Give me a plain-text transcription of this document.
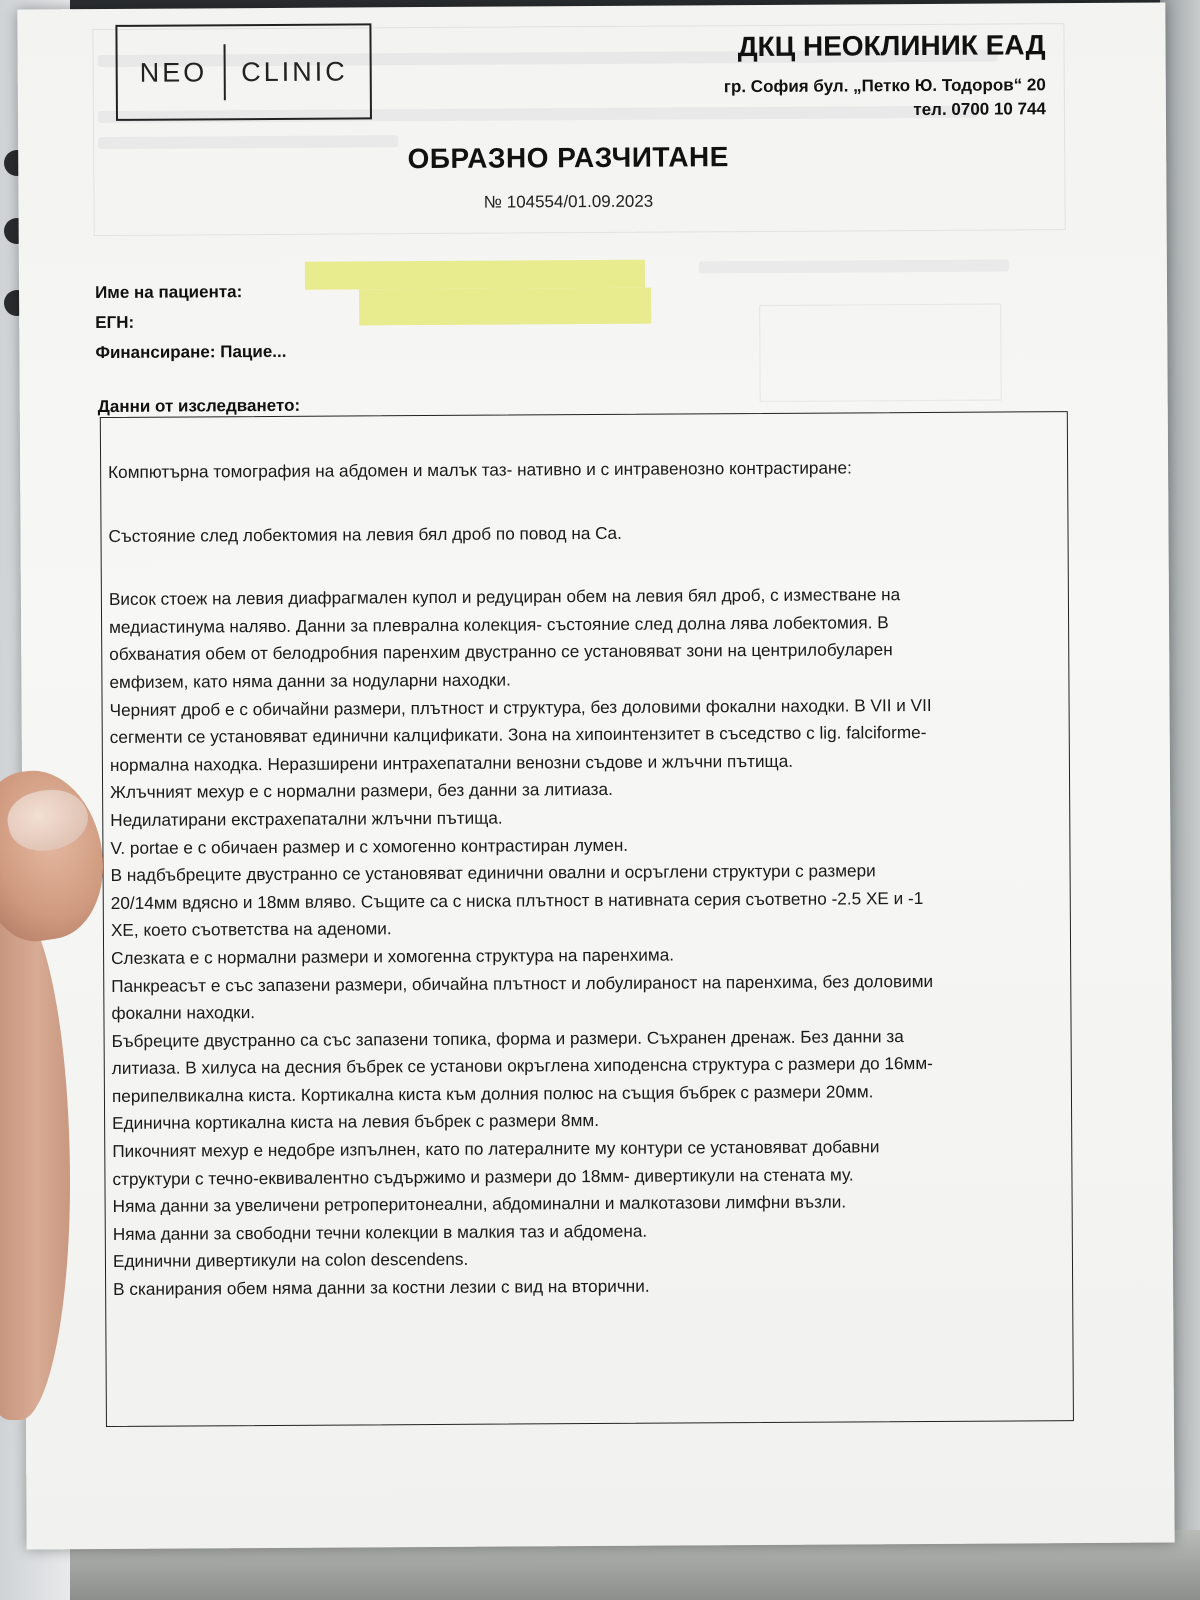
NEO CLINIC
ДКЦ НЕОКЛИНИК ЕАД
гр. София бул. „Петко Ю. Тодоров“ 20
тел. 0700 10 744
ОБРАЗНО РАЗЧИТАНЕ
№ 104554/01.09.2023
Име на пациента:
ЕГН:
Финансиране: Пацие...
Данни от изследването:

Компютърна томография на абдомен и малък таз- нативно и с интравенозно контрастиране:

Състояние след лобектомия на левия бял дроб по повод на Ca.

Висок стоеж на левия диафрагмален купол и редуциран обем на левия бял дроб, с изместване на

медиастинума наляво. Данни за плеврална колекция- състояние след долна лява лобектомия. В

обхванатия обем от белодробния паренхим двустранно се установяват зони на центрилобуларен

емфизем, като няма данни за нодуларни находки.

Черният дроб е с обичайни размери, плътност и структура, без доловими фокални находки. В VII и VII

сегменти се установяват единични калцификати. Зона на хипоинтензитет в съседство с lig. falciforme-

нормална находка. Неразширени интрахепатални венозни съдове и жлъчни пътища.

Жлъчният мехур е с нормални размери, без данни за литиаза.

Недилатирани екстрахепатални жлъчни пътища.

V. portae е с обичаен размер и с хомогенно контрастиран лумен.

В надбъбреците двустранно се установяват единични овални и осръглени структури с размери

20/14мм вдясно и 18мм вляво. Същите са с ниска плътност в нативната серия съответно -2.5 XE и -1

XE, което съответства на аденоми.

Слезката е с нормални размери и хомогенна структура на паренхима.

Панкреасът е със запазени размери, обичайна плътност и лобулираност на паренхима, без доловими

фокални находки.

Бъбреците двустранно са със запазени топика, форма и размери. Съхранен дренаж. Без данни за

литиаза. В хилуса на десния бъбрек се установи окръглена хиподенсна структура с размери до 16мм-

перипелвикална киста. Кортикална киста към долния полюс на същия бъбрек с размери 20мм.

Единична кортикална киста на левия бъбрек с размери 8мм.

Пикочният мехур е недобре изпълнен, като по латералните му контури се установяват добавни

структури с течно-еквивалентно съдържимо и размери до 18мм- дивертикули на стената му.

Няма данни за увеличени ретроперитонеални, абдоминални и малкотазови лимфни възли.

Няма данни за свободни течни колекции в малкия таз и абдомена.

Единични дивертикули на colon descendens.

В сканирания обем няма данни за костни лезии с вид на вторични.
